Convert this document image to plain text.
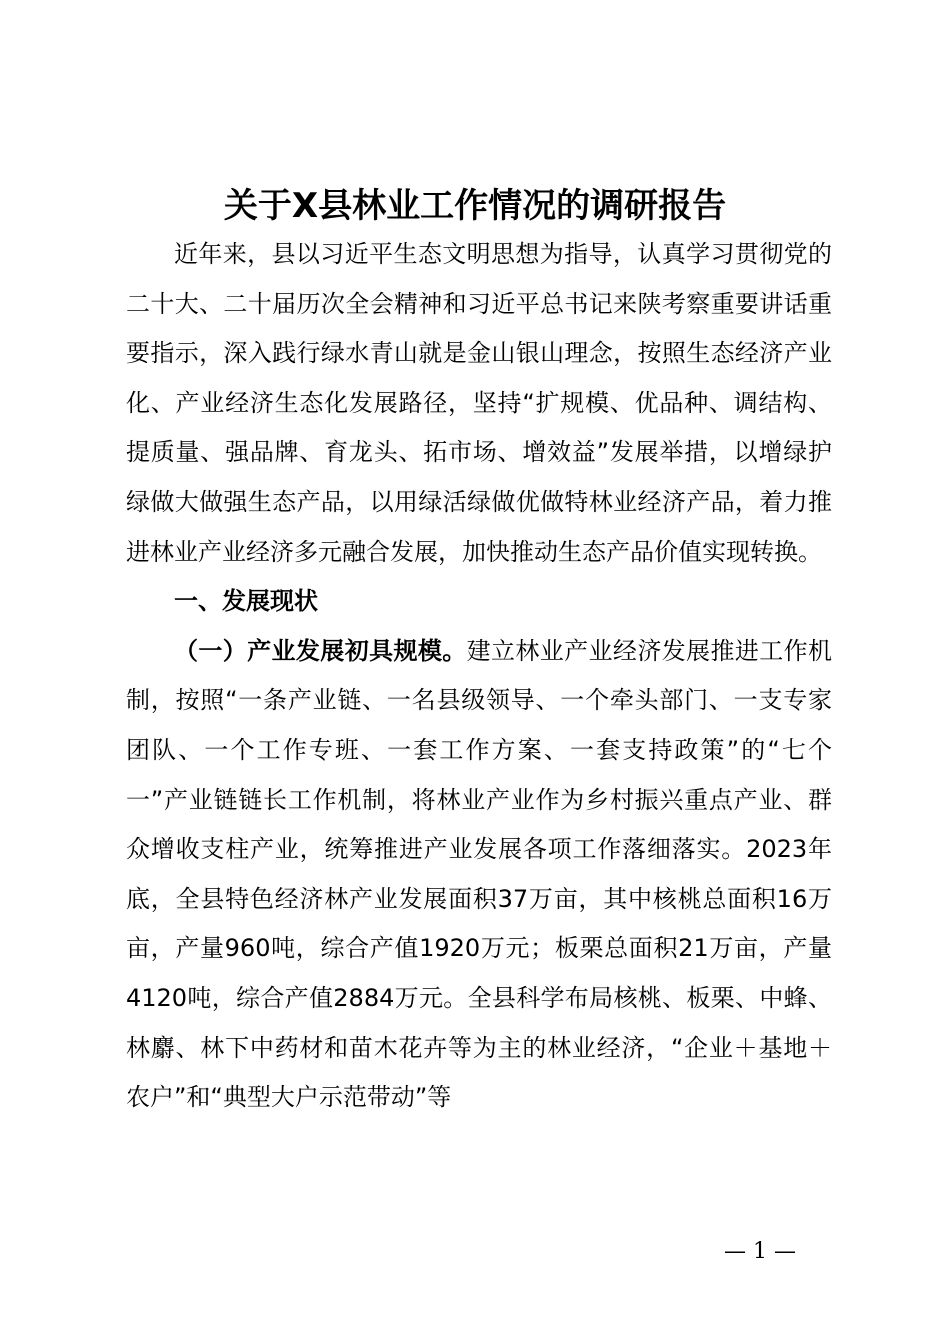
关于X县林业工作情况的调研报告

近年来，县以习近平生态文明思想为指导，认真学习贯彻党的二十大、二十届历次全会精神和习近平总书记来陕考察重要讲话重要指示，深入践行绿水青山就是金山银山理念，按照生态经济产业化、产业经济生态化发展路径，坚持“扩规模、优品种、调结构、提质量、强品牌、育龙头、拓市场、增效益”发展举措，以增绿护绿做大做强生态产品，以用绿活绿做优做特林业经济产品，着力推进林业产业经济多元融合发展，加快推动生态产品价值实现转换。

一、发展现状

（一）产业发展初具规模。建立林业产业经济发展推进工作机制，按照“一条产业链、一名县级领导、一个牵头部门、一支专家团队、一个工作专班、一套工作方案、一套支持政策”的“七个一”产业链链长工作机制，将林业产业作为乡村振兴重点产业、群众增收支柱产业，统筹推进产业发展各项工作落细落实。2023年底，全县特色经济林产业发展面积37万亩，其中核桃总面积16万亩，产量960吨，综合产值1920万元；板栗总面积21万亩，产量4120吨，综合产值2884万元。全县科学布局核桃、板栗、中蜂、林麝、林下中药材和苗木花卉等为主的林业经济，“企业＋基地＋农户”和“典型大户示范带动”等

— 1 —
